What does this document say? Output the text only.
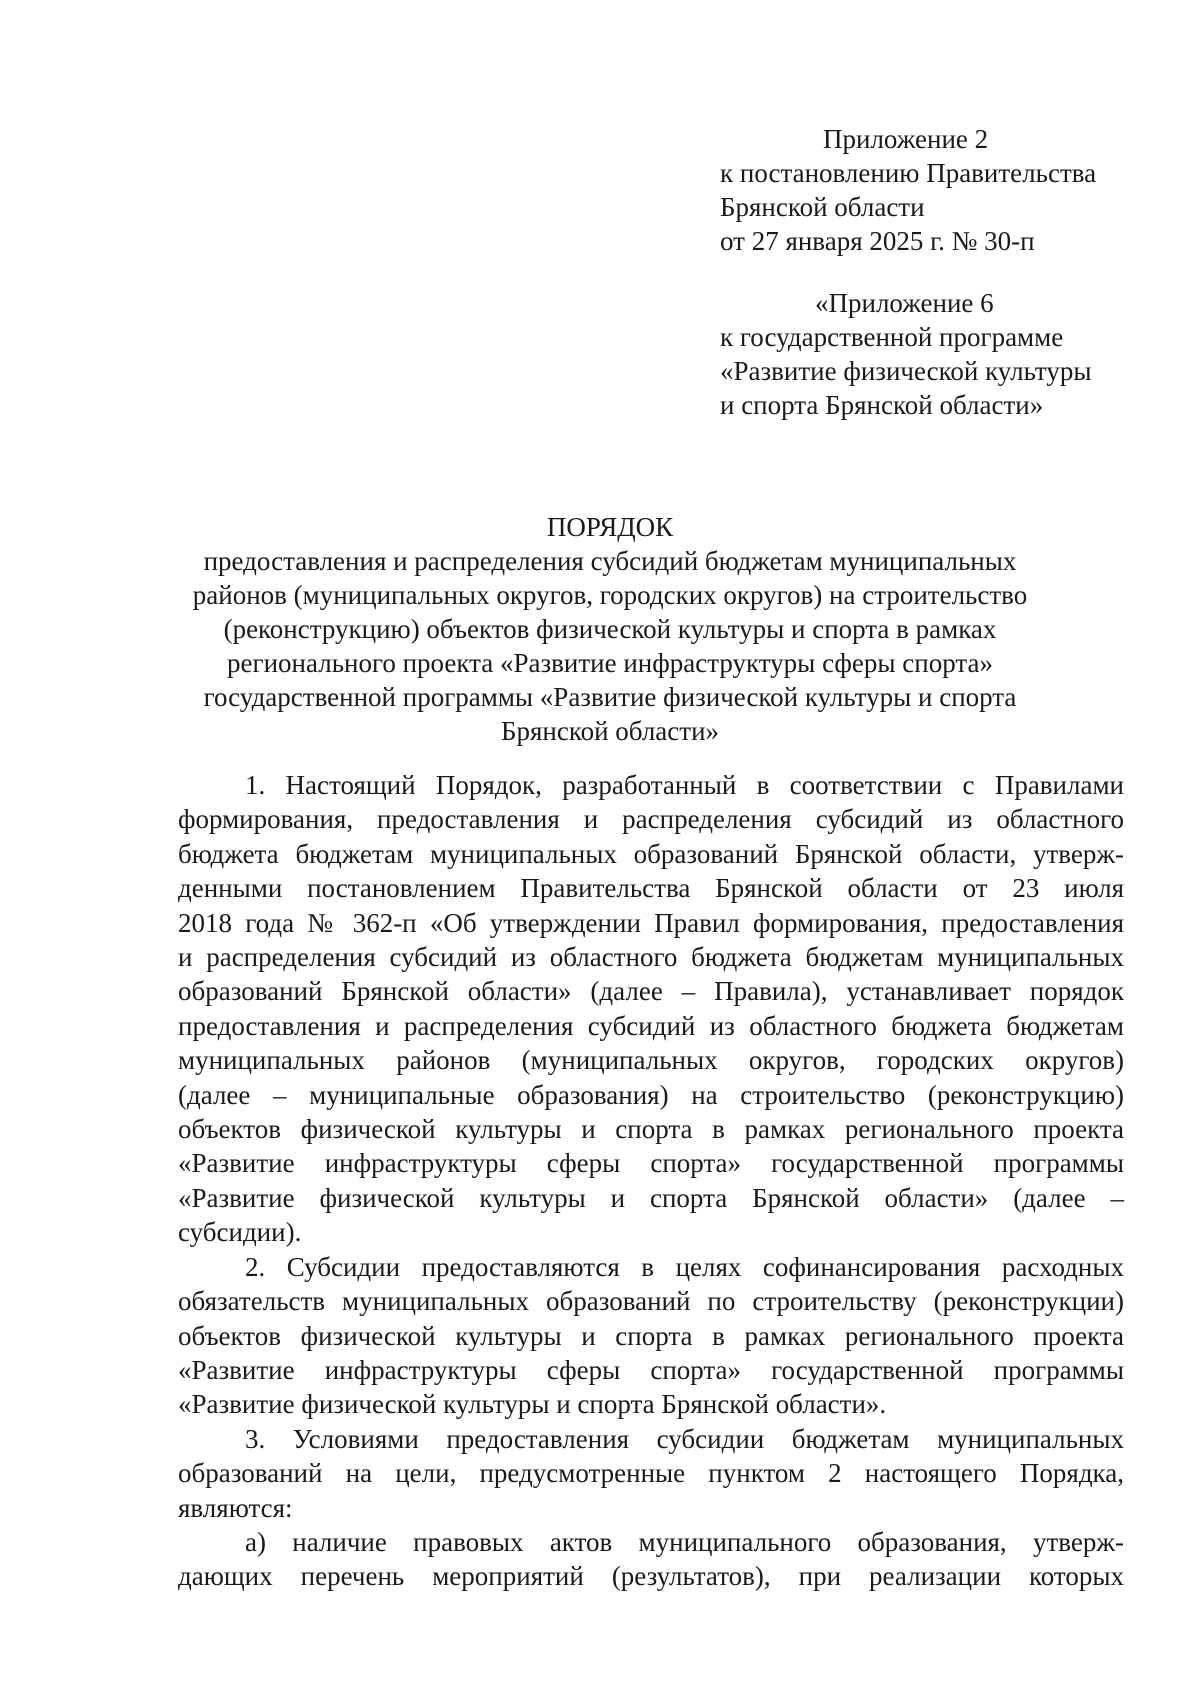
Приложение 2
к постановлению Правительства
Брянской области
от 27 января 2025 г. № 30-п
«Приложение 6
к государственной программе
«Развитие физической культуры
и спорта Брянской области»
ПОРЯДОК
предоставления и распределения субсидий бюджетам муниципальных
районов (муниципальных округов, городских округов) на строительство
(реконструкцию) объектов физической культуры и спорта в рамках
регионального проекта «Развитие инфраструктуры сферы спорта»
государственной программы «Развитие физической культуры и спорта
Брянской области»
1. Настоящий Порядок, разработанный в соответствии с Правилами
формирования, предоставления и распределения субсидий из областного
бюджета бюджетам муниципальных образований Брянской области, утверж-
денными постановлением Правительства Брянской области от 23 июля
2018 года № 362-п «Об утверждении Правил формирования, предоставления
и распределения субсидий из областного бюджета бюджетам муниципальных
образований Брянской области» (далее – Правила), устанавливает порядок
предоставления и распределения субсидий из областного бюджета бюджетам
муниципальных районов (муниципальных округов, городских округов)
(далее – муниципальные образования) на строительство (реконструкцию)
объектов физической культуры и спорта в рамках регионального проекта
«Развитие инфраструктуры сферы спорта» государственной программы
«Развитие физической культуры и спорта Брянской области» (далее –
субсидии).
2. Субсидии предоставляются в целях софинансирования расходных
обязательств муниципальных образований по строительству (реконструкции)
объектов физической культуры и спорта в рамках регионального проекта
«Развитие инфраструктуры сферы спорта» государственной программы
«Развитие физической культуры и спорта Брянской области».
3. Условиями предоставления субсидии бюджетам муниципальных
образований на цели, предусмотренные пунктом 2 настоящего Порядка,
являются:
а) наличие правовых актов муниципального образования, утверж-
дающих перечень мероприятий (результатов), при реализации которых
